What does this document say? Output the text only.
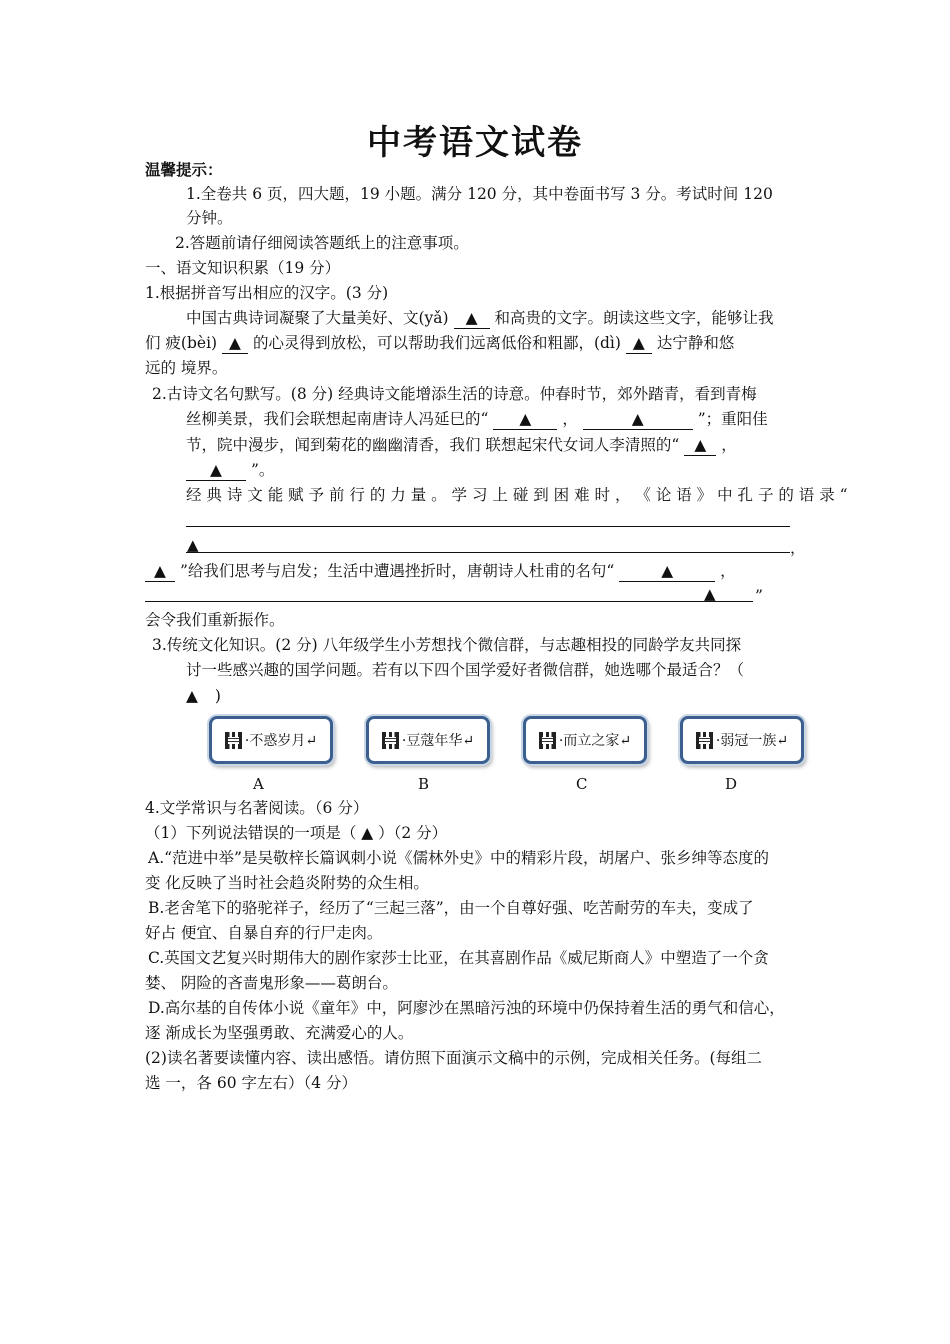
中考语文试卷
温馨提示：
1.全卷共 6 页，四大题，19 小题。满分 120 分，其中卷面书写 3 分。考试时间 120
分钟。
2.答题前请仔细阅读答题纸上的注意事项。
一、语文知识积累（19 分）
1.根据拼音写出相应的汉字。(3 分)
中国古典诗词凝聚了大量美好、文(yǎ) ▲ 和高贵的文字。朗读这些文字，能够让我
们 疲(bèi) ▲ 的心灵得到放松，可以帮助我们远离低俗和粗鄙，(dì) ▲ 达宁静和悠
远的 境界。
2.古诗文名句默写。(8 分) 经典诗文能增添生活的诗意。仲春时节，郊外踏青，看到青梅
丝柳美景，我们会联想起南唐诗人冯延巳的“ ▲ ，	▲	”；重阳佳
节，院中漫步，闻到菊花的幽幽清香，我们 联想起宋代女词人李清照的“ ▲ ，
▲ ”。
经 典 诗 文 能 赋 予 前 行 的 力 量 。 学 习 上 碰 到 困 难 时 ， 《 论 语 》 中 孔 子 的 语 录 “
▲	，
▲ ”给我们思考与启发；生活中遭遇挫折时，唐朝诗人杜甫的名句“	▲	，
▲	”
会令我们重新振作。
3.传统文化知识。(2 分) 八年级学生小芳想找个微信群，与志趣相投的同龄学友共同探
讨一些感兴趣的国学问题。若有以下四个国学爱好者微信群，她选哪个最适合？（
▲ )
·不惑岁月↵	·豆蔻年华↵	·而立之家↵	·弱冠一族↵
A	B	C	D
4.文学常识与名著阅读。（6 分）
（1）下列说法错误的一项是（ ▲ ）（2 分）
A.“范进中举”是吴敬梓长篇讽刺小说《儒林外史》中的精彩片段，胡屠户、张乡绅等态度的
变 化反映了当时社会趋炎附势的众生相。
B.老舍笔下的骆驼祥子，经历了“三起三落”，由一个自尊好强、吃苦耐劳的车夫，变成了
好占 便宜、自暴自弃的行尸走肉。
C.英国文艺复兴时期伟大的剧作家莎士比亚，在其喜剧作品《威尼斯商人》中塑造了一个贪
婪、 阴险的吝啬鬼形象——葛朗台。
D.高尔基的自传体小说《童年》中，阿廖沙在黑暗污浊的环境中仍保持着生活的勇气和信心，
逐 渐成长为坚强勇敢、充满爱心的人。
(2)读名著要读懂内容、读出感悟。请仿照下面演示文稿中的示例，完成相关任务。(每组二
选 一，各 60 字左右）（4 分）
